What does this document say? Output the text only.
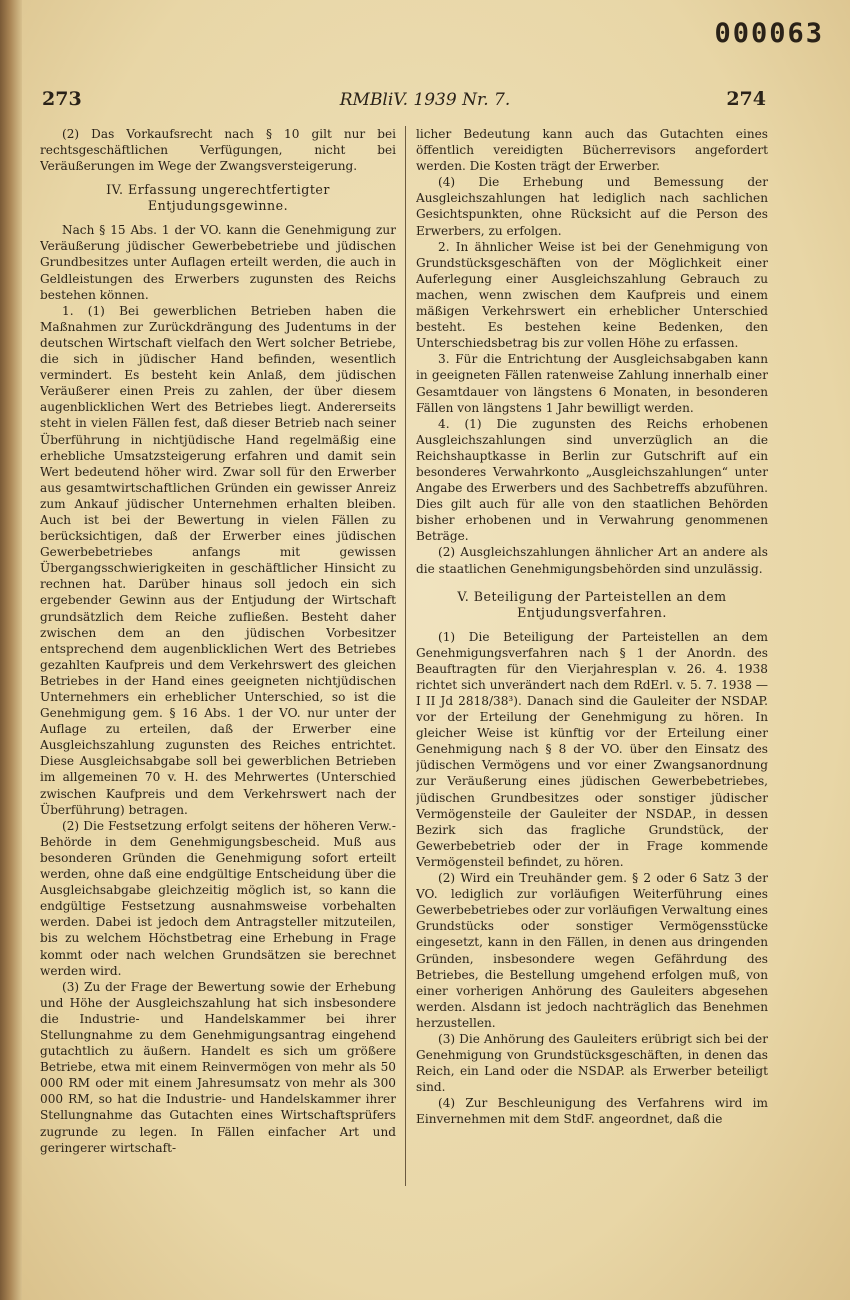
000063
273	RMBliV. 1939 Nr. 7.	274

(2) Das Vorkaufsrecht nach § 10 gilt nur bei rechtsgeschäftlichen Verfügungen, nicht bei Veräußerungen im Wege der Zwangsversteigerung.

IV. Erfassung ungerechtfertigter Entjudungsgewinne.

Nach § 15 Abs. 1 der VO. kann die Genehmigung zur Veräußerung jüdischer Gewerbebetriebe und jüdischen Grundbesitzes unter Auflagen erteilt werden, die auch in Geldleistungen des Erwerbers zugunsten des Reichs bestehen können.

1. (1) Bei gewerblichen Betrieben haben die Maßnahmen zur Zurückdrängung des Judentums in der deutschen Wirtschaft vielfach den Wert solcher Betriebe, die sich in jüdischer Hand befinden, wesentlich vermindert. Es besteht kein Anlaß, dem jüdischen Veräußerer einen Preis zu zahlen, der über diesem augenblicklichen Wert des Betriebes liegt. Andererseits steht in vielen Fällen fest, daß dieser Betrieb nach seiner Überführung in nichtjüdische Hand regelmäßig eine erhebliche Umsatzsteigerung erfahren und damit sein Wert bedeutend höher wird. Zwar soll für den Erwerber aus gesamtwirtschaftlichen Gründen ein gewisser Anreiz zum Ankauf jüdischer Unternehmen erhalten bleiben. Auch ist bei der Bewertung in vielen Fällen zu berücksichtigen, daß der Erwerber eines jüdischen Gewerbebetriebes anfangs mit gewissen Übergangsschwierigkeiten in geschäftlicher Hinsicht zu rechnen hat. Darüber hinaus soll jedoch ein sich ergebender Gewinn aus der Entjudung der Wirtschaft grundsätzlich dem Reiche zufließen. Besteht daher zwischen dem an den jüdischen Vorbesitzer entsprechend dem augenblicklichen Wert des Betriebes gezahlten Kaufpreis und dem Verkehrswert des gleichen Betriebes in der Hand eines geeigneten nichtjüdischen Unternehmers ein erheblicher Unterschied, so ist die Genehmigung gem. § 16 Abs. 1 der VO. nur unter der Auflage zu erteilen, daß der Erwerber eine Ausgleichszahlung zugunsten des Reiches entrichtet. Diese Ausgleichsabgabe soll bei gewerblichen Betrieben im allgemeinen 70 v. H. des Mehrwertes (Unterschied zwischen Kaufpreis und dem Verkehrswert nach der Überführung) betragen.

(2) Die Festsetzung erfolgt seitens der höheren Verw.-Behörde in dem Genehmigungsbescheid. Muß aus besonderen Gründen die Genehmigung sofort erteilt werden, ohne daß eine endgültige Entscheidung über die Ausgleichsabgabe gleichzeitig möglich ist, so kann die endgültige Festsetzung ausnahmsweise vorbehalten werden. Dabei ist jedoch dem Antragsteller mitzuteilen, bis zu welchem Höchstbetrag eine Erhebung in Frage kommt oder nach welchen Grundsätzen sie berechnet werden wird.

(3) Zu der Frage der Bewertung sowie der Erhebung und Höhe der Ausgleichszahlung hat sich insbesondere die Industrie- und Handelskammer bei ihrer Stellungnahme zu dem Genehmigungsantrag eingehend gutachtlich zu äußern. Handelt es sich um größere Betriebe, etwa mit einem Reinvermögen von mehr als 50 000 RM oder mit einem Jahresumsatz von mehr als 300 000 RM, so hat die Industrie- und Handelskammer ihrer Stellungnahme das Gutachten eines Wirtschaftsprüfers zugrunde zu legen. In Fällen einfacher Art und geringerer wirtschaft-

licher Bedeutung kann auch das Gutachten eines öffentlich vereidigten Bücherrevisors angefordert werden. Die Kosten trägt der Erwerber.

(4) Die Erhebung und Bemessung der Ausgleichszahlungen hat lediglich nach sachlichen Gesichtspunkten, ohne Rücksicht auf die Person des Erwerbers, zu erfolgen.

2. In ähnlicher Weise ist bei der Genehmigung von Grundstücksgeschäften von der Möglichkeit einer Auferlegung einer Ausgleichszahlung Gebrauch zu machen, wenn zwischen dem Kaufpreis und einem mäßigen Verkehrswert ein erheblicher Unterschied besteht. Es bestehen keine Bedenken, den Unterschiedsbetrag bis zur vollen Höhe zu erfassen.

3. Für die Entrichtung der Ausgleichsabgaben kann in geeigneten Fällen ratenweise Zahlung innerhalb einer Gesamtdauer von längstens 6 Monaten, in besonderen Fällen von längstens 1 Jahr bewilligt werden.

4. (1) Die zugunsten des Reichs erhobenen Ausgleichszahlungen sind unverzüglich an die Reichshauptkasse in Berlin zur Gutschrift auf ein besonderes Verwahrkonto „Ausgleichszahlungen“ unter Angabe des Erwerbers und des Sachbetreffs abzuführen. Dies gilt auch für alle von den staatlichen Behörden bisher erhobenen und in Verwahrung genommenen Beträge.

(2) Ausgleichszahlungen ähnlicher Art an andere als die staatlichen Genehmigungsbehörden sind unzulässig.

V. Beteiligung der Parteistellen an dem Entjudungsverfahren.

(1) Die Beteiligung der Parteistellen an dem Genehmigungsverfahren nach § 1 der Anordn. des Beauftragten für den Vierjahresplan v. 26. 4. 1938 richtet sich unverändert nach dem RdErl. v. 5. 7. 1938 — I II Jd 2818/38³). Danach sind die Gauleiter der NSDAP. vor der Erteilung der Genehmigung zu hören. In gleicher Weise ist künftig vor der Erteilung einer Genehmigung nach § 8 der VO. über den Einsatz des jüdischen Vermögens und vor einer Zwangsanordnung zur Veräußerung eines jüdischen Gewerbebetriebes, jüdischen Grundbesitzes oder sonstiger jüdischer Vermögensteile der Gauleiter der NSDAP., in dessen Bezirk sich das fragliche Grundstück, der Gewerbebetrieb oder der in Frage kommende Vermögensteil befindet, zu hören.

(2) Wird ein Treuhänder gem. § 2 oder 6 Satz 3 der VO. lediglich zur vorläufigen Weiterführung eines Gewerbebetriebes oder zur vorläufigen Verwaltung eines Grundstücks oder sonstiger Vermögensstücke eingesetzt, kann in den Fällen, in denen aus dringenden Gründen, insbesondere wegen Gefährdung des Betriebes, die Bestellung umgehend erfolgen muß, von einer vorherigen Anhörung des Gauleiters abgesehen werden. Alsdann ist jedoch nachträglich das Benehmen herzustellen.

(3) Die Anhörung des Gauleiters erübrigt sich bei der Genehmigung von Grundstücksgeschäften, in denen das Reich, ein Land oder die NSDAP. als Erwerber beteiligt sind.

(4) Zur Beschleunigung des Verfahrens wird im Einvernehmen mit dem StdF. angeordnet, daß die
